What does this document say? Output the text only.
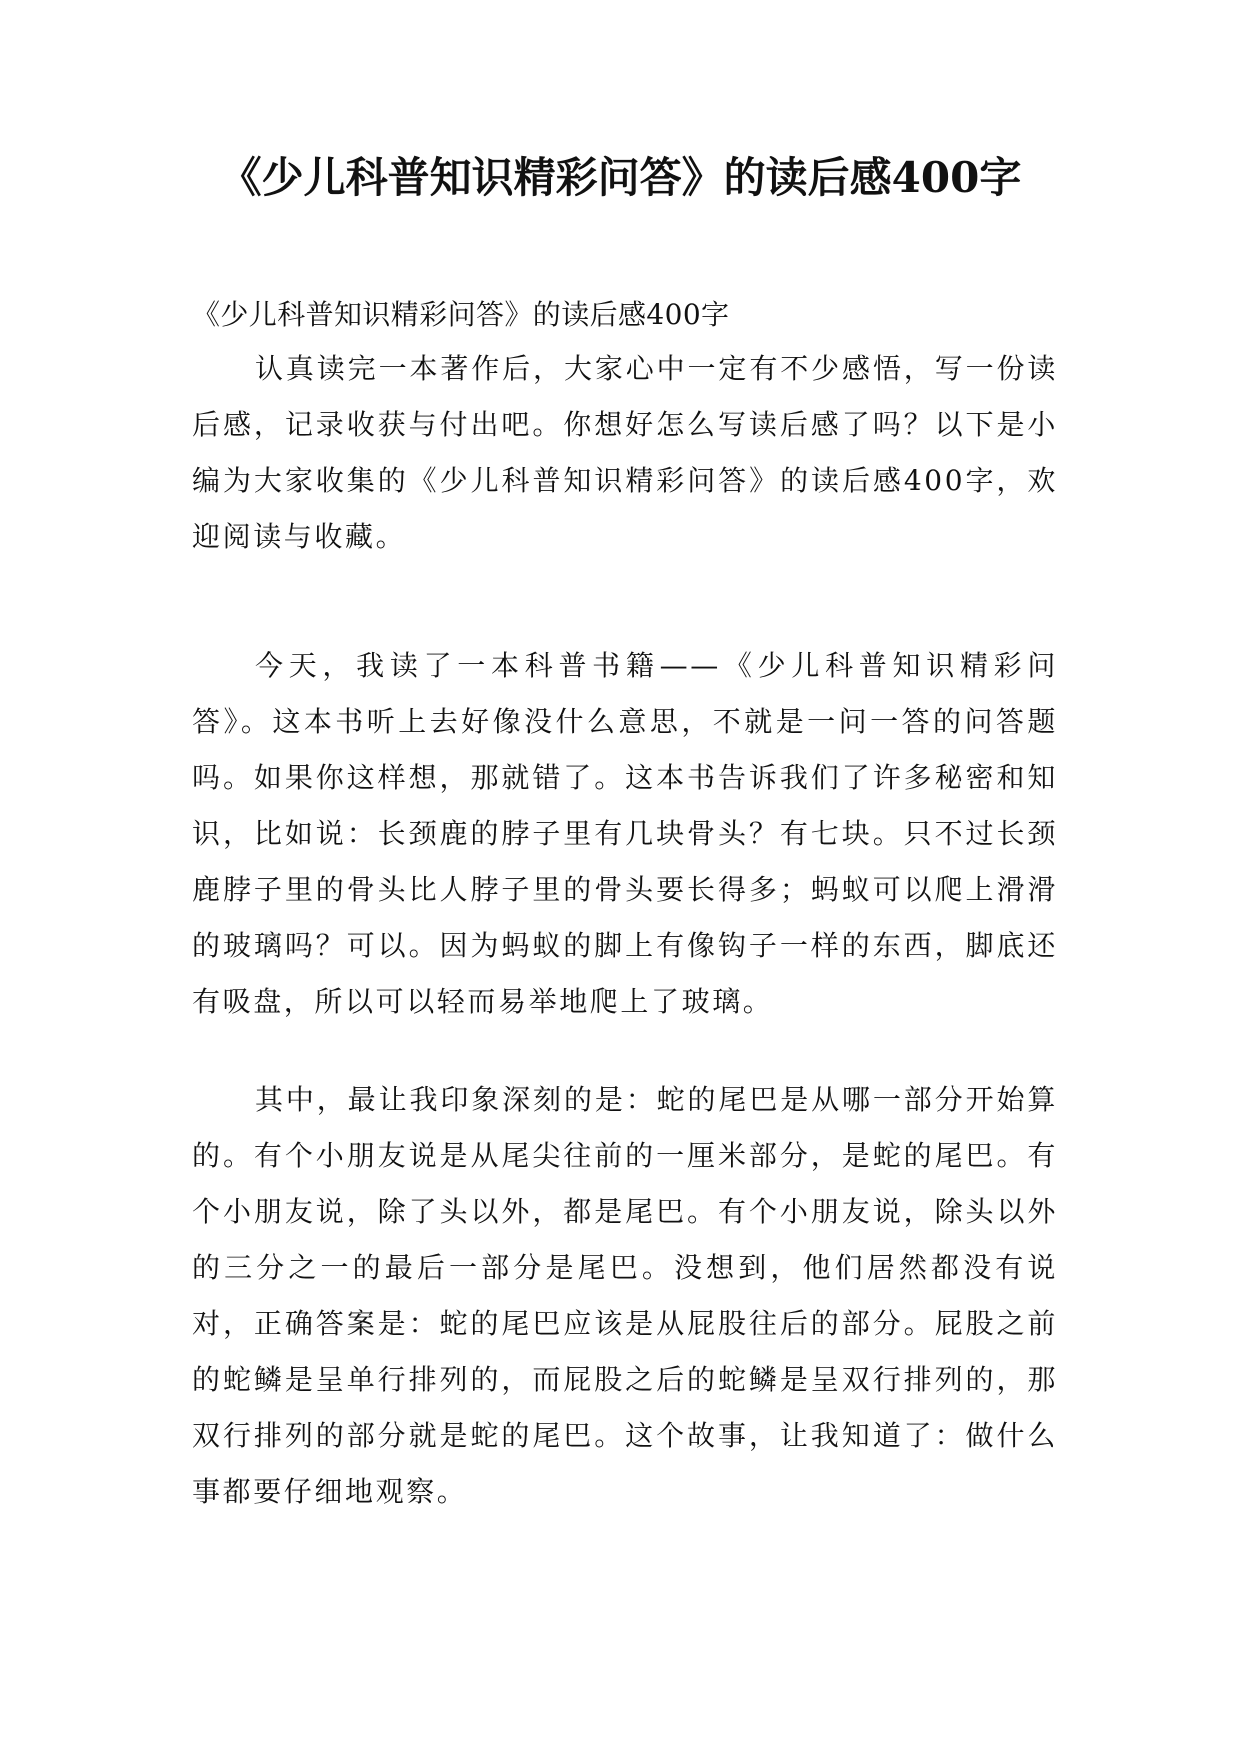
《少儿科普知识精彩问答》的读后感400字

《少儿科普知识精彩问答》的读后感400字

认真读完一本著作后，大家心中一定有不少感悟，写一份读后感，记录收获与付出吧。你想好怎么写读后感了吗？以下是小编为大家收集的《少儿科普知识精彩问答》的读后感400字，欢迎阅读与收藏。

今天，我读了一本科普书籍——《少儿科普知识精彩问答》。这本书听上去好像没什么意思，不就是一问一答的问答题吗。如果你这样想，那就错了。这本书告诉我们了许多秘密和知识，比如说：长颈鹿的脖子里有几块骨头？有七块。只不过长颈鹿脖子里的骨头比人脖子里的骨头要长得多；蚂蚁可以爬上滑滑的玻璃吗？可以。因为蚂蚁的脚上有像钩子一样的东西，脚底还有吸盘，所以可以轻而易举地爬上了玻璃。

其中，最让我印象深刻的是：蛇的尾巴是从哪一部分开始算的。有个小朋友说是从尾尖往前的一厘米部分，是蛇的尾巴。有个小朋友说，除了头以外，都是尾巴。有个小朋友说，除头以外的三分之一的最后一部分是尾巴。没想到，他们居然都没有说对，正确答案是：蛇的尾巴应该是从屁股往后的部分。屁股之前的蛇鳞是呈单行排列的，而屁股之后的蛇鳞是呈双行排列的，那双行排列的部分就是蛇的尾巴。这个故事，让我知道了：做什么事都要仔细地观察。
